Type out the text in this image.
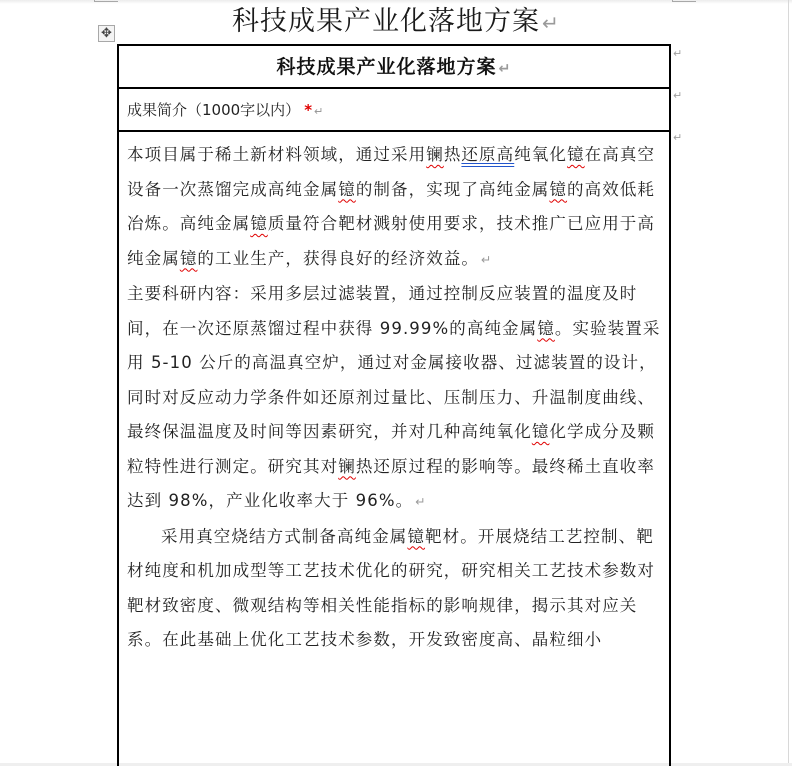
科技成果产业化落地方案↵
✥
科技成果产业化落地方案 ↵
成果简介（1000字以内） * ↵

本项目属于稀土新材料领域，通过采用镧热还原高纯氧化镱在高真空设备一次蒸馏完成高纯金属镱的制备，实现了高纯金属镱的高效低耗冶炼。高纯金属镱质量符合靶材溅射使用要求，技术推广已应用于高纯金属镱的工业生产，获得良好的经济效益。 ↵

主要科研内容：采用多层过滤装置，通过控制反应装置的温度及时间，在一次还原蒸馏过程中获得 99.99%的高纯金属镱。实验装置采用 5-10 公斤的高温真空炉，通过对金属接收器、过滤装置的设计，同时对反应动力学条件如还原剂过量比、压制压力、升温制度曲线、最终保温温度及时间等因素研究，并对几种高纯氧化镱化学成分及颗粒特性进行测定。研究其对镧热还原过程的影响等。最终稀土直收率达到 98%，产业化收率大于 96%。 ↵

采用真空烧结方式制备高纯金属镱靶材。开展烧结工艺控制、靶材纯度和机加成型等工艺技术优化的研究，研究相关工艺技术参数对靶材致密度、微观结构等相关性能指标的影响规律，揭示其对应关系。在此基础上优化工艺技术参数，开发致密度高、晶粒细小

↵
↵
↵
